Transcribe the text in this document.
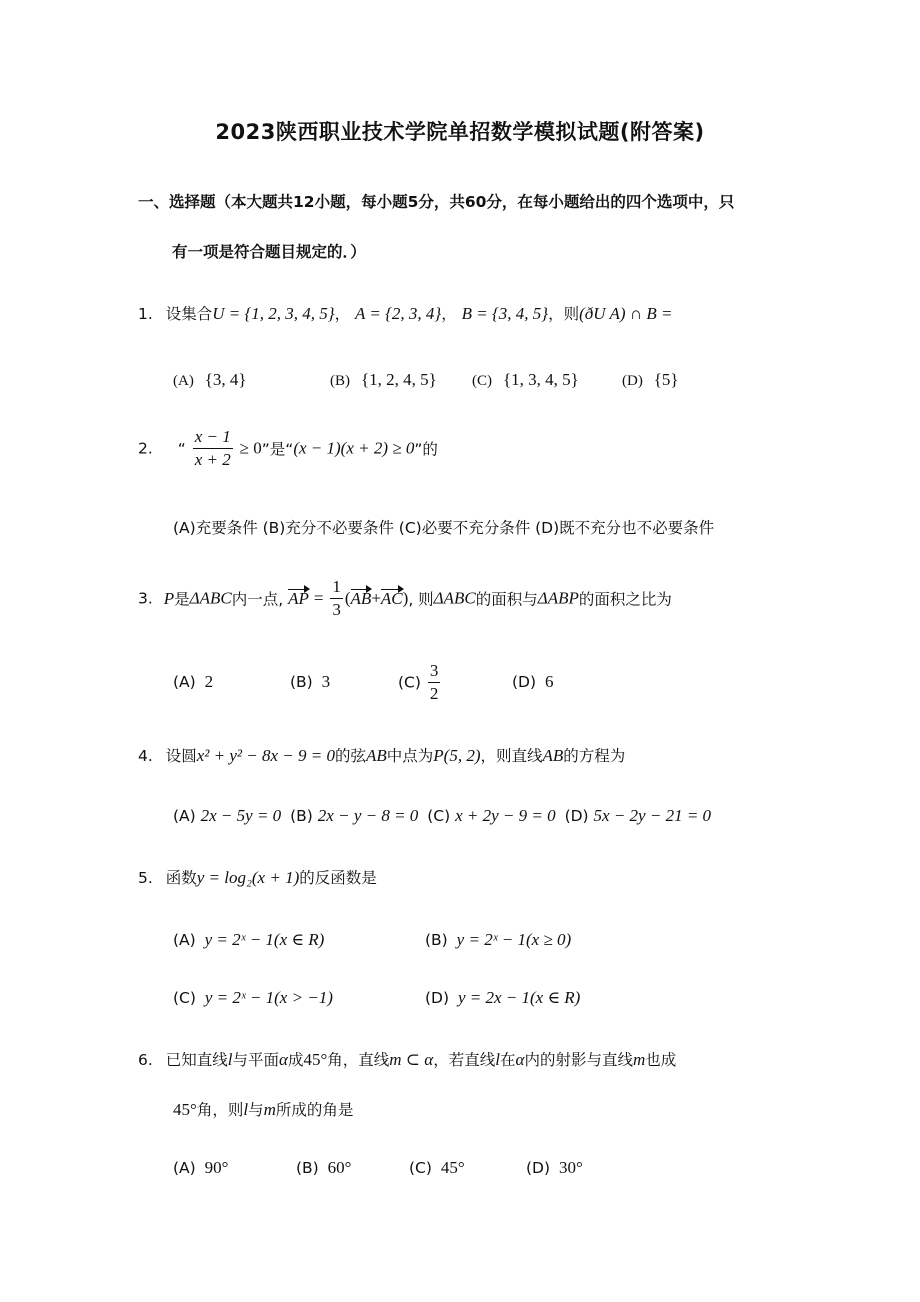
2023陕西职业技术学院单招数学模拟试题(附答案)
一、选择题（本大题共12小题，每小题5分，共60分，在每小题给出的四个选项中，只
有一项是符合题目规定的．）
1. 设集合U = {1, 2, 3, 4, 5}， A = {2, 3, 4}， B = {3, 4, 5}，则(ðU A) ∩ B =
(A) {3, 4}	(B) {1, 2, 4, 5} (C) {1, 3, 4, 5}	(D) {5}
2. “ $\frac{x - 1}{x + 2} \ge 0$”是“(x − 1)(x + 2) ≥ 0”的
(A)充要条件 (B)充分不必要条件 (C)必要不充分条件 (D)既不充分也不必要条件
3. P是ΔABC内一点, AP = $\frac{1}{3} (AB+AC)$, 则ΔABC的面积与ΔABP的面积之比为
(A) 2	(B) 3	$(C) \frac{3}{2}$	(D) 6
4. 设圆x² + y² − 8x − 9 = 0的弦AB中点为P(5, 2)，则直线AB的方程为
(A) 2x − 5y = 0 (B) 2x − y − 8 = 0 (C) x + 2y − 9 = 0 (D) 5x − 2y − 21 = 0
5. 函数y = log₂(x + 1)的反函数是
(A) y = 2ˣ − 1(x ∈ R)	(B) y = 2ˣ − 1(x ≥ 0)
(C) y = 2ˣ − 1(x > −1)	(D) y = 2x − 1(x ∈ R)
6. 已知直线l与平面α成45°角，直线m ⊂ α，若直线l在α内的射影与直线m也成
45°角，则l与m所成的角是
(A) 90°	(B) 60°	(C) 45°	(D) 30°
